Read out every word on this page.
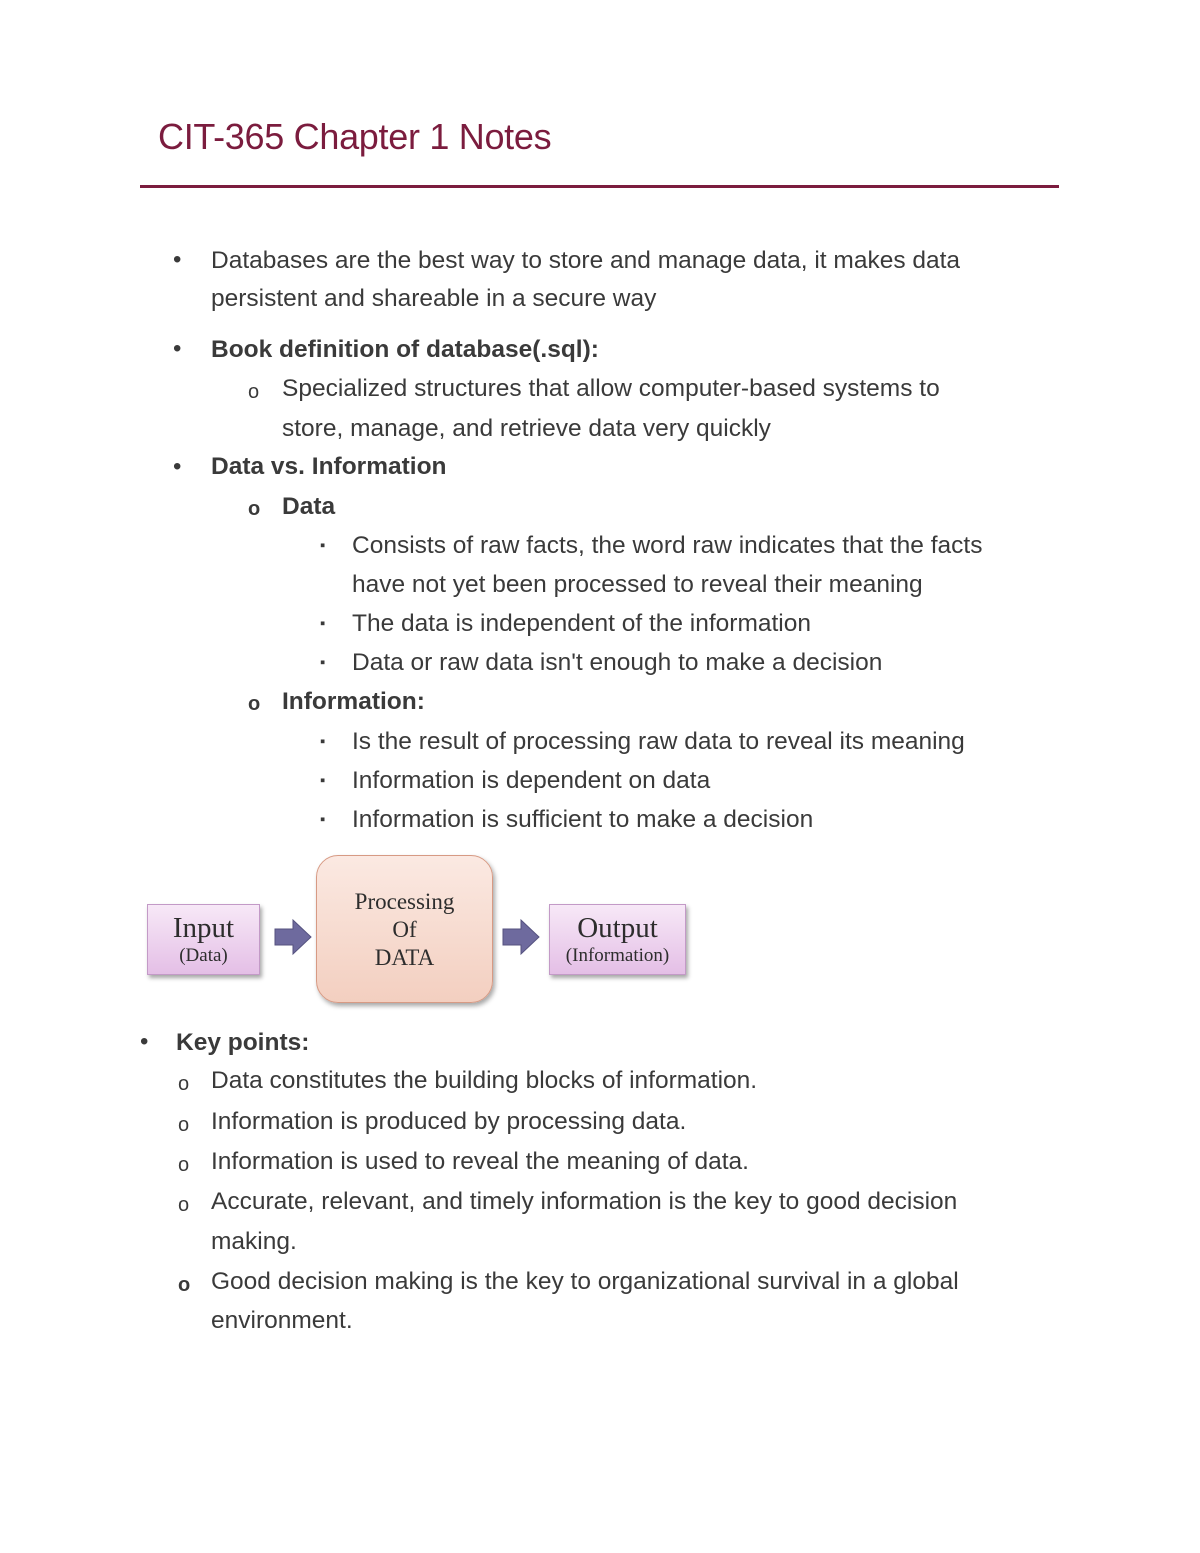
CIT-365 Chapter 1 Notes
• Databases are the best way to store and manage data, it makes data
persistent and shareable in a secure way
• Book definition of database(.sql):
o Specialized structures that allow computer-based systems to
store, manage, and retrieve data very quickly
• Data vs. Information
o Data
▪ Consists of raw facts, the word raw indicates that the facts
have not yet been processed to reveal their meaning
▪ The data is independent of the information
▪ Data or raw data isn't enough to make a decision
o Information:
▪ Is the result of processing raw data to reveal its meaning
▪ Information is dependent on data
▪ Information is sufficient to make a decision
Input
(Data)
Processing
Of
DATA
Output
(Information)
• Key points:
o Data constitutes the building blocks of information.
o Information is produced by processing data.
o Information is used to reveal the meaning of data.
o Accurate, relevant, and timely information is the key to good decision
making.
o Good decision making is the key to organizational survival in a global
environment.
